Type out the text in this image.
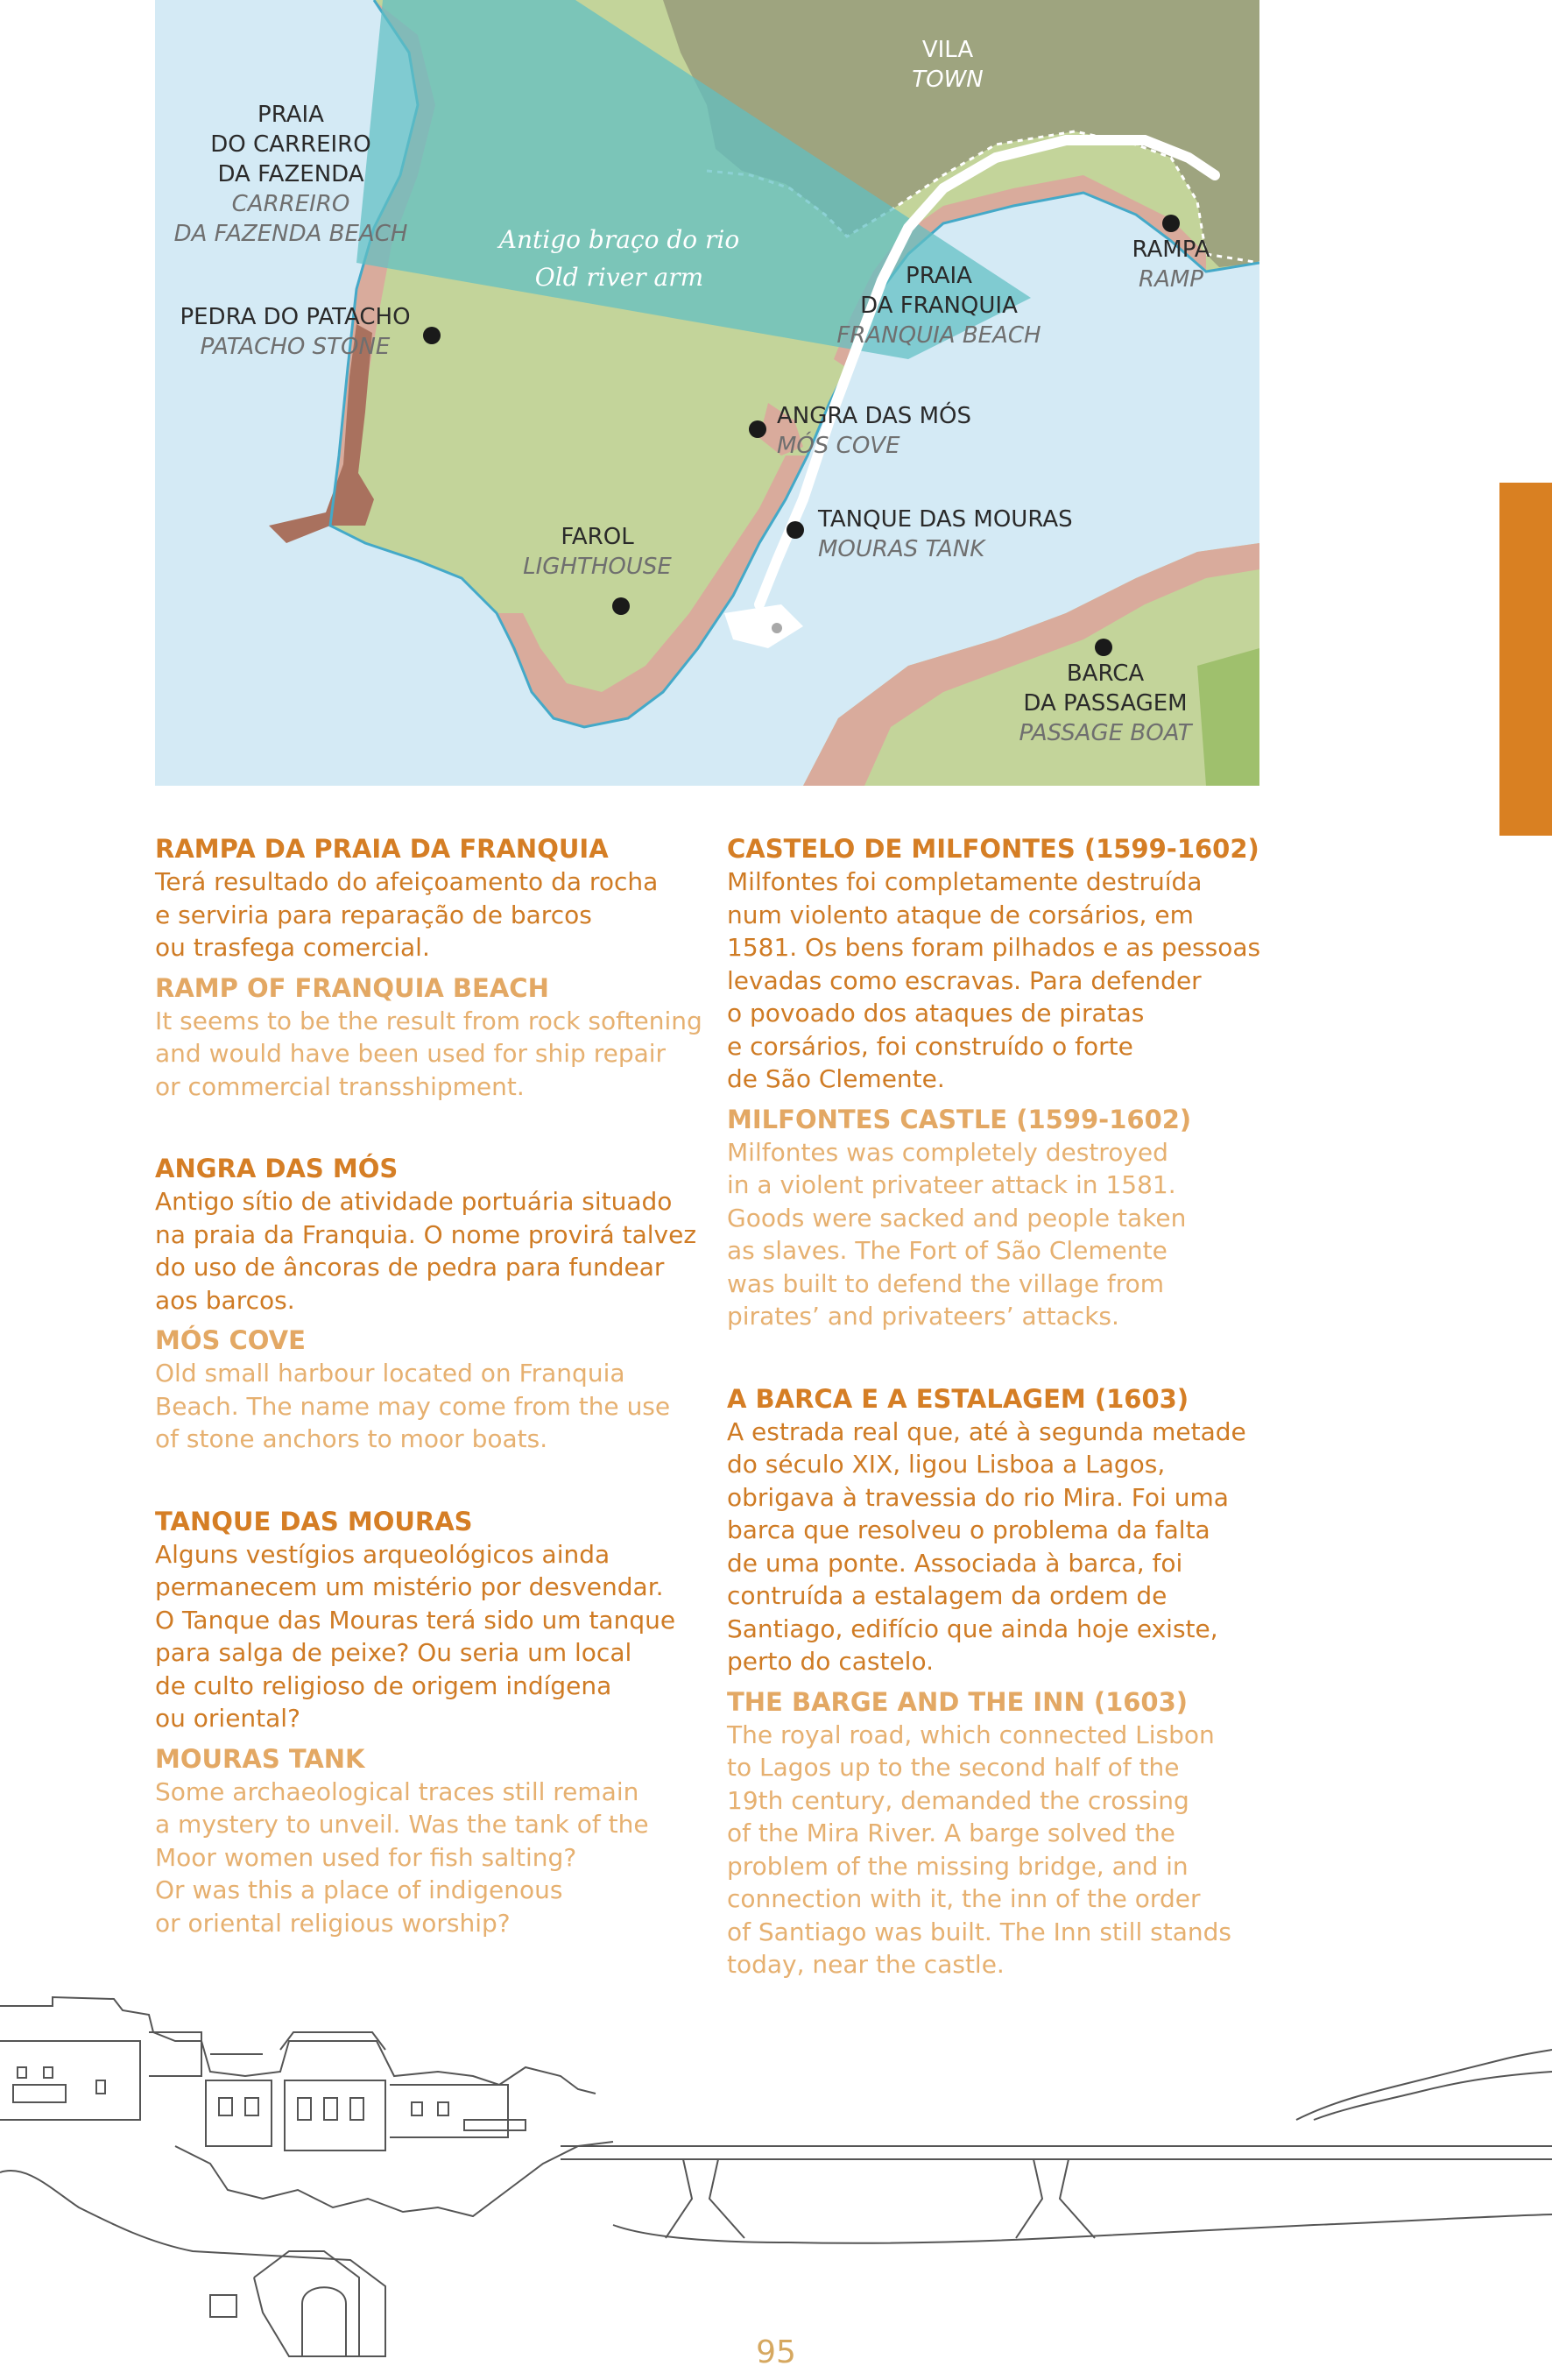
VILA
TOWN
PRAIA
DO CARREIRO
DA FAZENDA
CARREIRO
DA FAZENDA BEACH	Antigo braço do rio
Old river arm
RAMPA
RAMP
PRAIA
DA FRANQUIA
FRANQUIA BEACH
PEDRA DO PATACHO
PATACHO STONE
ANGRA DAS MÓS
MÓS COVE
TANQUE DAS MOURAS
MOURAS TANK
FAROL
LIGHTHOUSE
BARCA
DA PASSAGEM
PASSAGE BOAT
RAMPA DA PRAIA DA FRANQUIA

Terá resultado do afeiçoamento da rocha
e serviria para reparação de barcos
ou trasfega comercial.

RAMP OF FRANQUIA BEACH

It seems to be the result from rock softening
and would have been used for ship repair
or commercial transshipment.

ANGRA DAS MÓS

Antigo sítio de atividade portuária situado
na praia da Franquia. O nome provirá talvez
do uso de âncoras de pedra para fundear
aos barcos.

MÓS COVE

Old small harbour located on Franquia
Beach. The name may come from the use
of stone anchors to moor boats.

TANQUE DAS MOURAS

Alguns vestígios arqueológicos ainda
permanecem um mistério por desvendar.
O Tanque das Mouras terá sido um tanque
para salga de peixe? Ou seria um local
de culto religioso de origem indígena
ou oriental?

MOURAS TANK

Some archaeological traces still remain
a mystery to unveil. Was the tank of the
Moor women used for fish salting?
Or was this a place of indigenous
or oriental religious worship?

CASTELO DE MILFONTES (1599-1602)

Milfontes foi completamente destruída
num violento ataque de corsários, em
1581. Os bens foram pilhados e as pessoas
levadas como escravas. Para defender
o povoado dos ataques de piratas
e corsários, foi construído o forte
de São Clemente.

MILFONTES CASTLE (1599-1602)

Milfontes was completely destroyed
in a violent privateer attack in 1581.
Goods were sacked and people taken
as slaves. The Fort of São Clemente
was built to defend the village from
pirates’ and privateers’ attacks.

A BARCA E A ESTALAGEM (1603)

A estrada real que, até à segunda metade
do século XIX, ligou Lisboa a Lagos,
obrigava à travessia do rio Mira. Foi uma
barca que resolveu o problema da falta
de uma ponte. Associada à barca, foi
contruída a estalagem da ordem de
Santiago, edifício que ainda hoje existe,
perto do castelo.

THE BARGE AND THE INN (1603)

The royal road, which connected Lisbon
to Lagos up to the second half of the
19th century, demanded the crossing
of the Mira River. A barge solved the
problem of the missing bridge, and in
connection with it, the inn of the order
of Santiago was built. The Inn still stands
today, near the castle.

95
